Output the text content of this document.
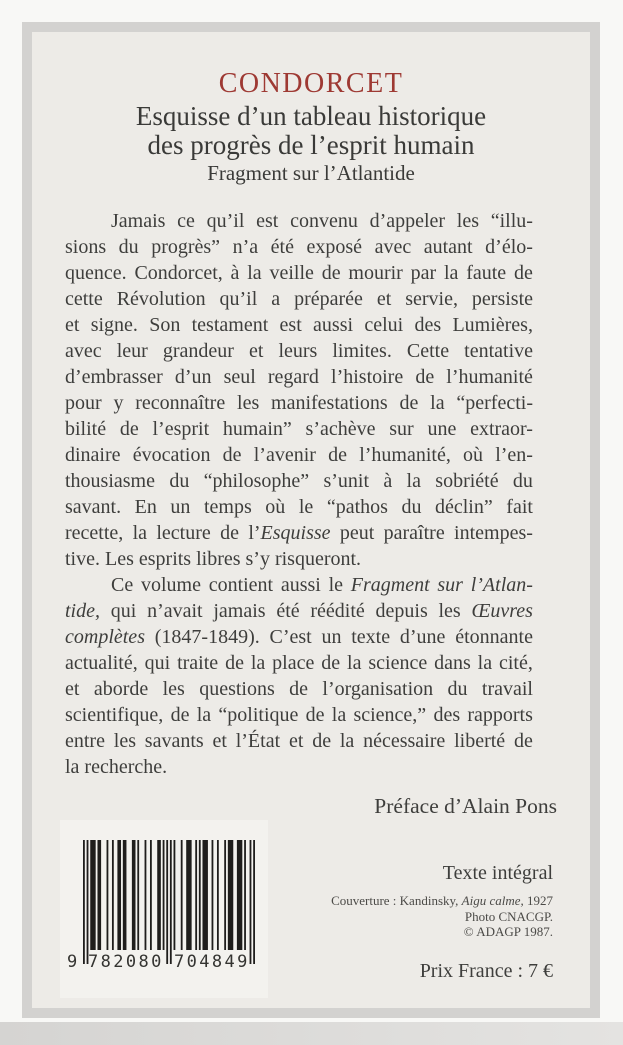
CONDORCET
Esquisse d’un tableau historique
des progrès de l’esprit humain
Fragment sur l’Atlantide
Jamais ce qu’il est convenu d’appeler les “illu-
sions du progrès” n’a été exposé avec autant d’élo-
quence. Condorcet, à la veille de mourir par la faute de
cette Révolution qu’il a préparée et servie, persiste
et signe. Son testament est aussi celui des Lumières,
avec leur grandeur et leurs limites. Cette tentative
d’embrasser d’un seul regard l’histoire de l’humanité
pour y reconnaître les manifestations de la “perfecti-
bilité de l’esprit humain” s’achève sur une extraor-
dinaire évocation de l’avenir de l’humanité, où l’en-
thousiasme du “philosophe” s’unit à la sobriété du
savant. En un temps où le “pathos du déclin” fait
recette, la lecture de l’Esquisse peut paraître intempes-
tive. Les esprits libres s’y risqueront.
Ce volume contient aussi le Fragment sur l’Atlan-
tide, qui n’avait jamais été réédité depuis les Œuvres
complètes (1847-1849). C’est un texte d’une étonnante
actualité, qui traite de la place de la science dans la cité,
et aborde les questions de l’organisation du travail
scientifique, de la “politique de la science,” des rapports
entre les savants et l’État et de la nécessaire liberté de
la recherche.
Préface d’Alain Pons
9 782080 704849
Texte intégral
Couverture : Kandinsky, Aigu calme, 1927
Photo CNACGP.
© ADAGP 1987.
Prix France : 7 €
